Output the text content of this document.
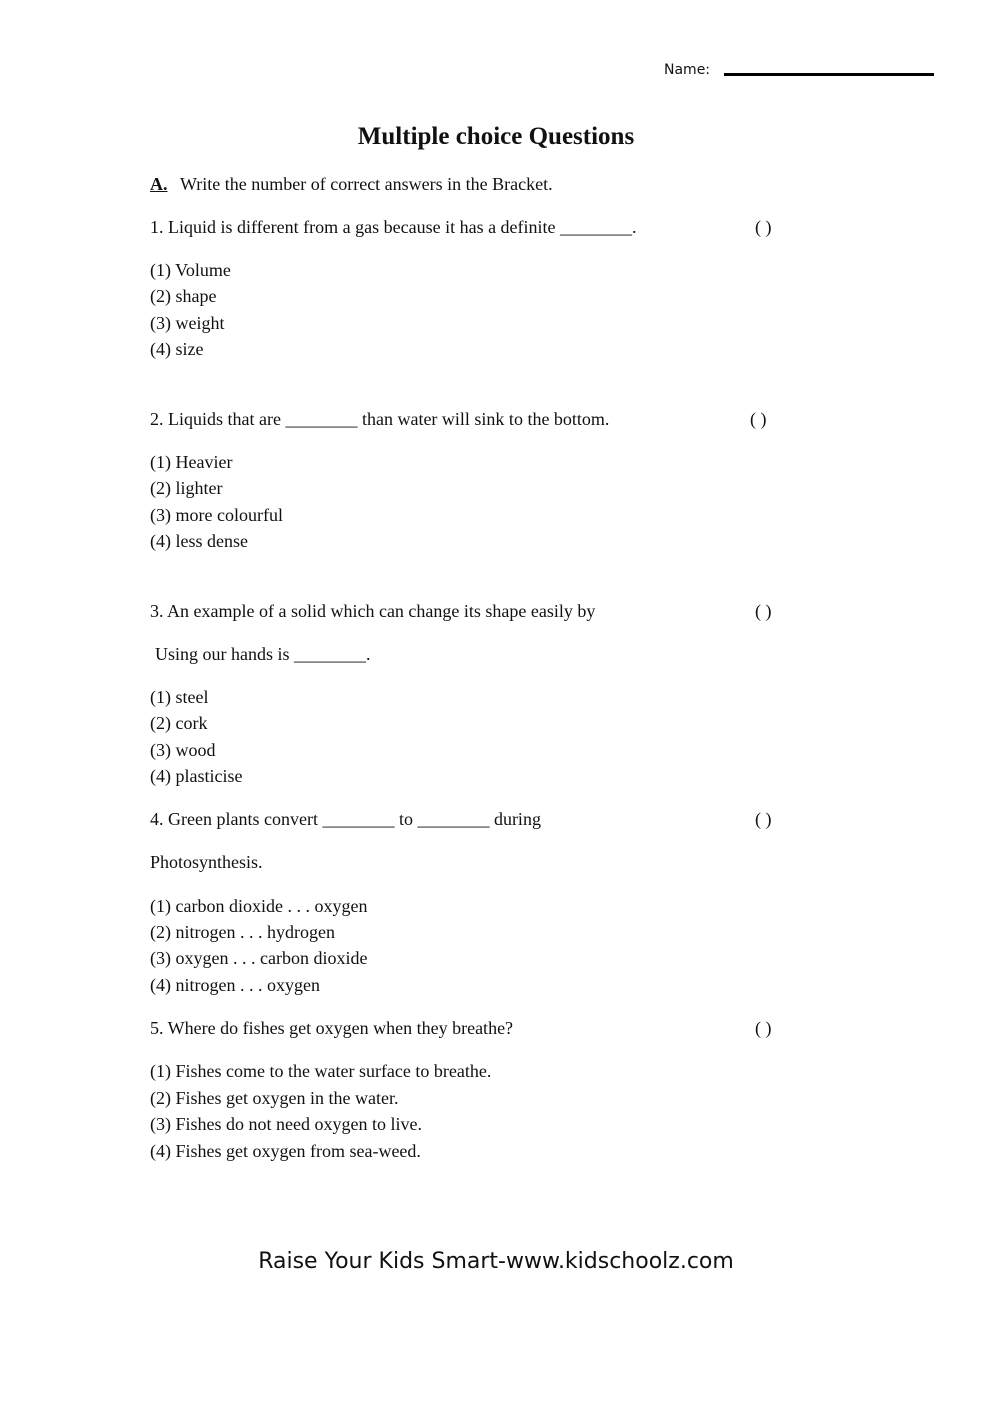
Name:
Multiple choice Questions
A. Write the number of correct answers in the Bracket.
1. Liquid is different from a gas because it has a definite ________.	( )
(1) Volume
(2) shape
(3) weight
(4) size
2. Liquids that are ________ than water will sink to the bottom.	( )
(1) Heavier
(2) lighter
(3) more colourful
(4) less dense
3. An example of a solid which can change its shape easily by	( )
Using our hands is ________.
(1) steel
(2) cork
(3) wood
(4) plasticise
4. Green plants convert ________ to ________ during	( )
Photosynthesis.
(1) carbon dioxide . . . oxygen
(2) nitrogen . . . hydrogen
(3) oxygen . . . carbon dioxide
(4) nitrogen . . . oxygen
5. Where do fishes get oxygen when they breathe?	( )
(1) Fishes come to the water surface to breathe.
(2) Fishes get oxygen in the water.
(3) Fishes do not need oxygen to live.
(4) Fishes get oxygen from sea-weed.
Raise Your Kids Smart-www.kidschoolz.com
